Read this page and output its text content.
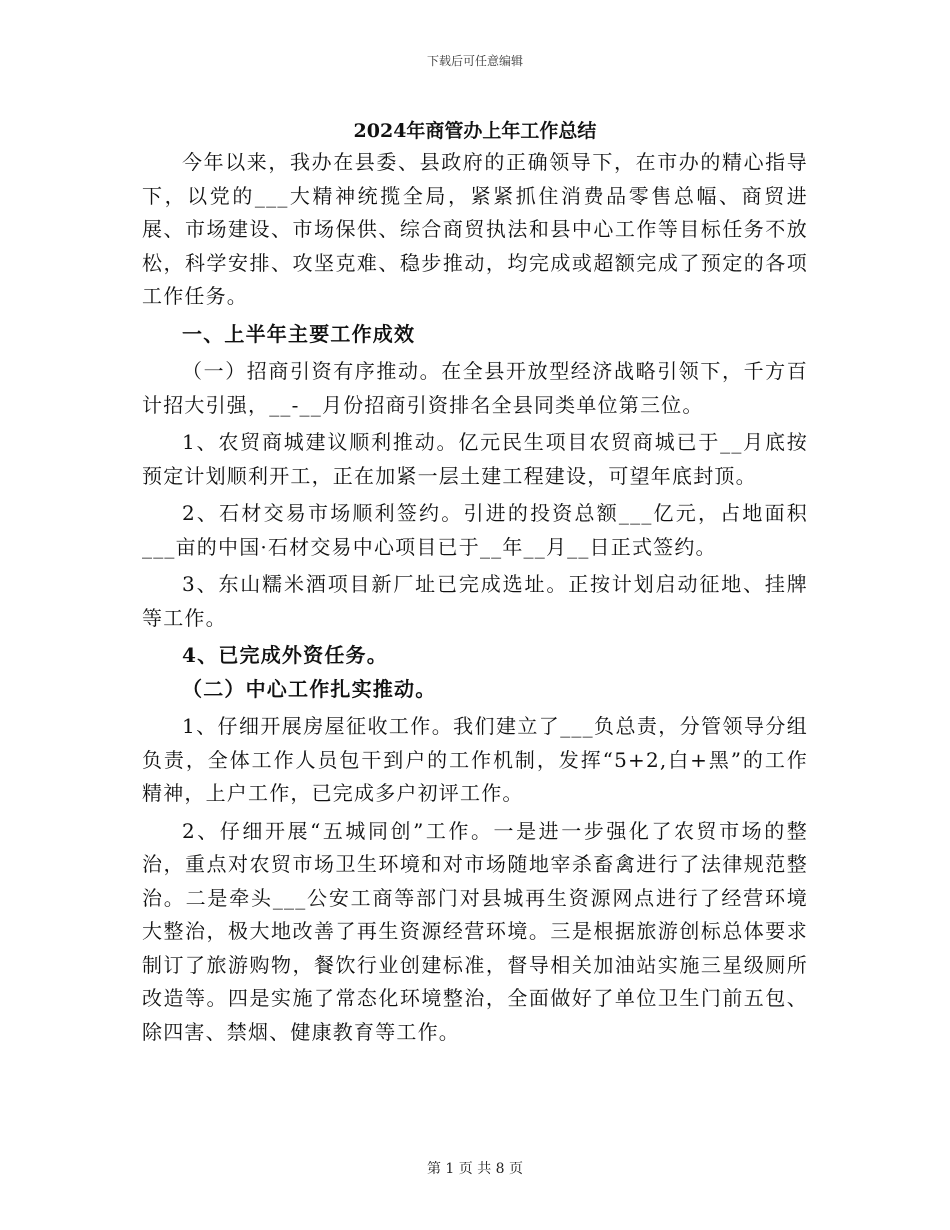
下载后可任意编辑
2024年商管办上年工作总结

今年以来，我办在县委、县政府的正确领导下，在市办的精心指导下，以党的___大精神统揽全局，紧紧抓住消费品零售总幅、商贸进展、市场建设、市场保供、综合商贸执法和县中心工作等目标任务不放松，科学安排、攻坚克难、稳步推动，均完成或超额完成了预定的各项工作任务。

一、上半年主要工作成效

（一）招商引资有序推动。在全县开放型经济战略引领下，千方百计招大引强，__-__月份招商引资排名全县同类单位第三位。

1、农贸商城建议顺利推动。亿元民生项目农贸商城已于__月底按预定计划顺利开工，正在加紧一层土建工程建设，可望年底封顶。

2、石材交易市场顺利签约。引进的投资总额___亿元，占地面积___亩的中国·石材交易中心项目已于__年__月__日正式签约。

3、东山糯米酒项目新厂址已完成选址。正按计划启动征地、挂牌等工作。

4、已完成外资任务。

（二）中心工作扎实推动。

1、仔细开展房屋征收工作。我们建立了___负总责，分管领导分组负责，全体工作人员包干到户的工作机制，发挥“5+2,白+黑”的工作精神，上户工作，已完成多户初评工作。

2、仔细开展“五城同创”工作。一是进一步强化了农贸市场的整治，重点对农贸市场卫生环境和对市场随地宰杀畜禽进行了法律规范整治。二是牵头___公安工商等部门对县城再生资源网点进行了经营环境大整治，极大地改善了再生资源经营环境。三是根据旅游创标总体要求制订了旅游购物，餐饮行业创建标准，督导相关加油站实施三星级厕所改造等。四是实施了常态化环境整治，全面做好了单位卫生门前五包、除四害、禁烟、健康教育等工作。

第 1 页 共 8 页
